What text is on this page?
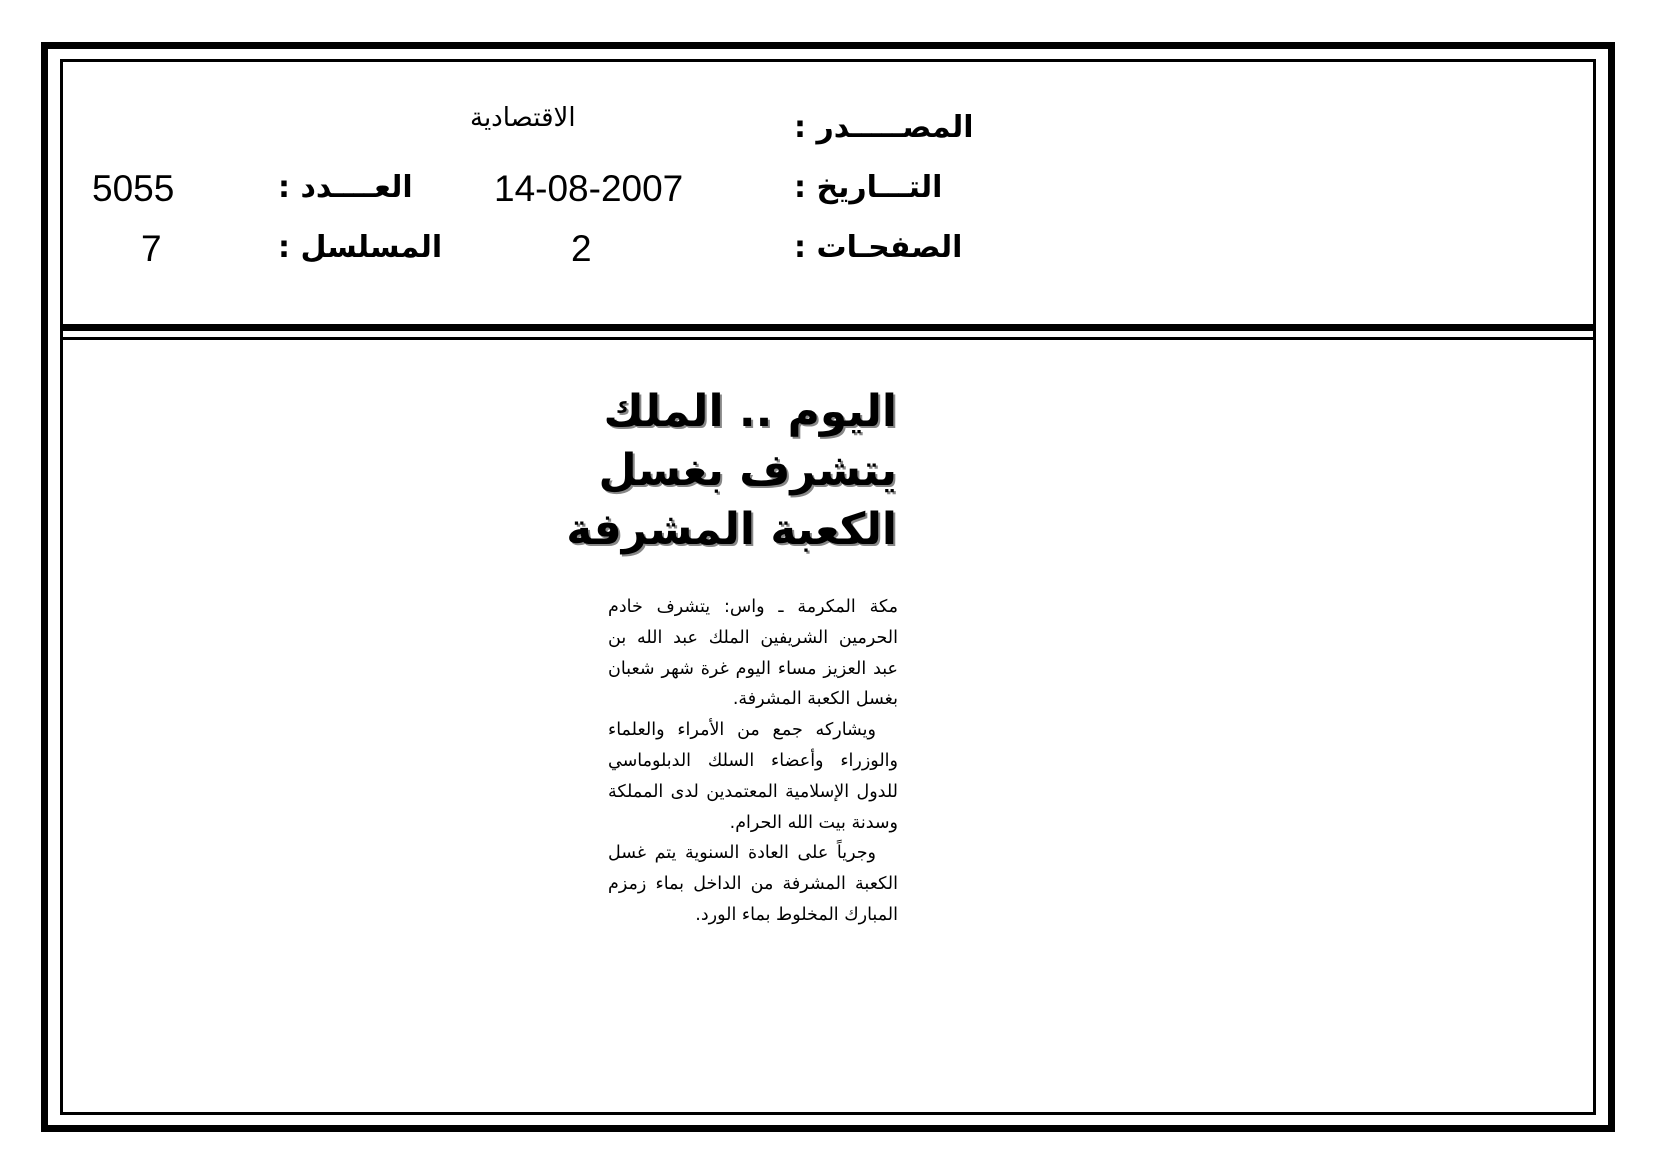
المصـــــدر :
التـــاريخ :
الصفحـات :
الاقتصادية
14-08-2007
2
العــــدد :
المسلسل :
5055
7
اليوم .. الملك
يتشرف بغسل
الكعبة المشرفة

مكة المكرمة ـ واس: يتشرف خادم الحرمين الشريفين الملك عبد الله بن عبد العزيز مساء اليوم غرة شهر شعبان بغسل الكعبة المشرفة.

ويشاركه جمع من الأمراء والعلماء والوزراء وأعضاء السلك الدبلوماسي للدول الإسلامية المعتمدين لدى المملكة وسدنة بيت الله الحرام.

وجرياً على العادة السنوية يتم غسل الكعبة المشرفة من الداخل بماء زمزم المبارك المخلوط بماء الورد.
